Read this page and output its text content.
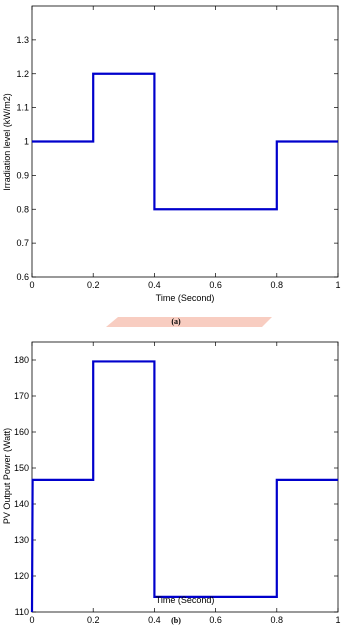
0.6
0.7
0.8
0.9
1
1.1
1.2
1.3
0	0.2	0.4	0.6	0.8	1
Time (Second)
Irradiation level (kW/m2)
(a)
110
120
130
140
150
160
170
180
0	0.2	0.4	0.6	0.8	1
Time (Second)
PV Output Power (Watt)
(b)
